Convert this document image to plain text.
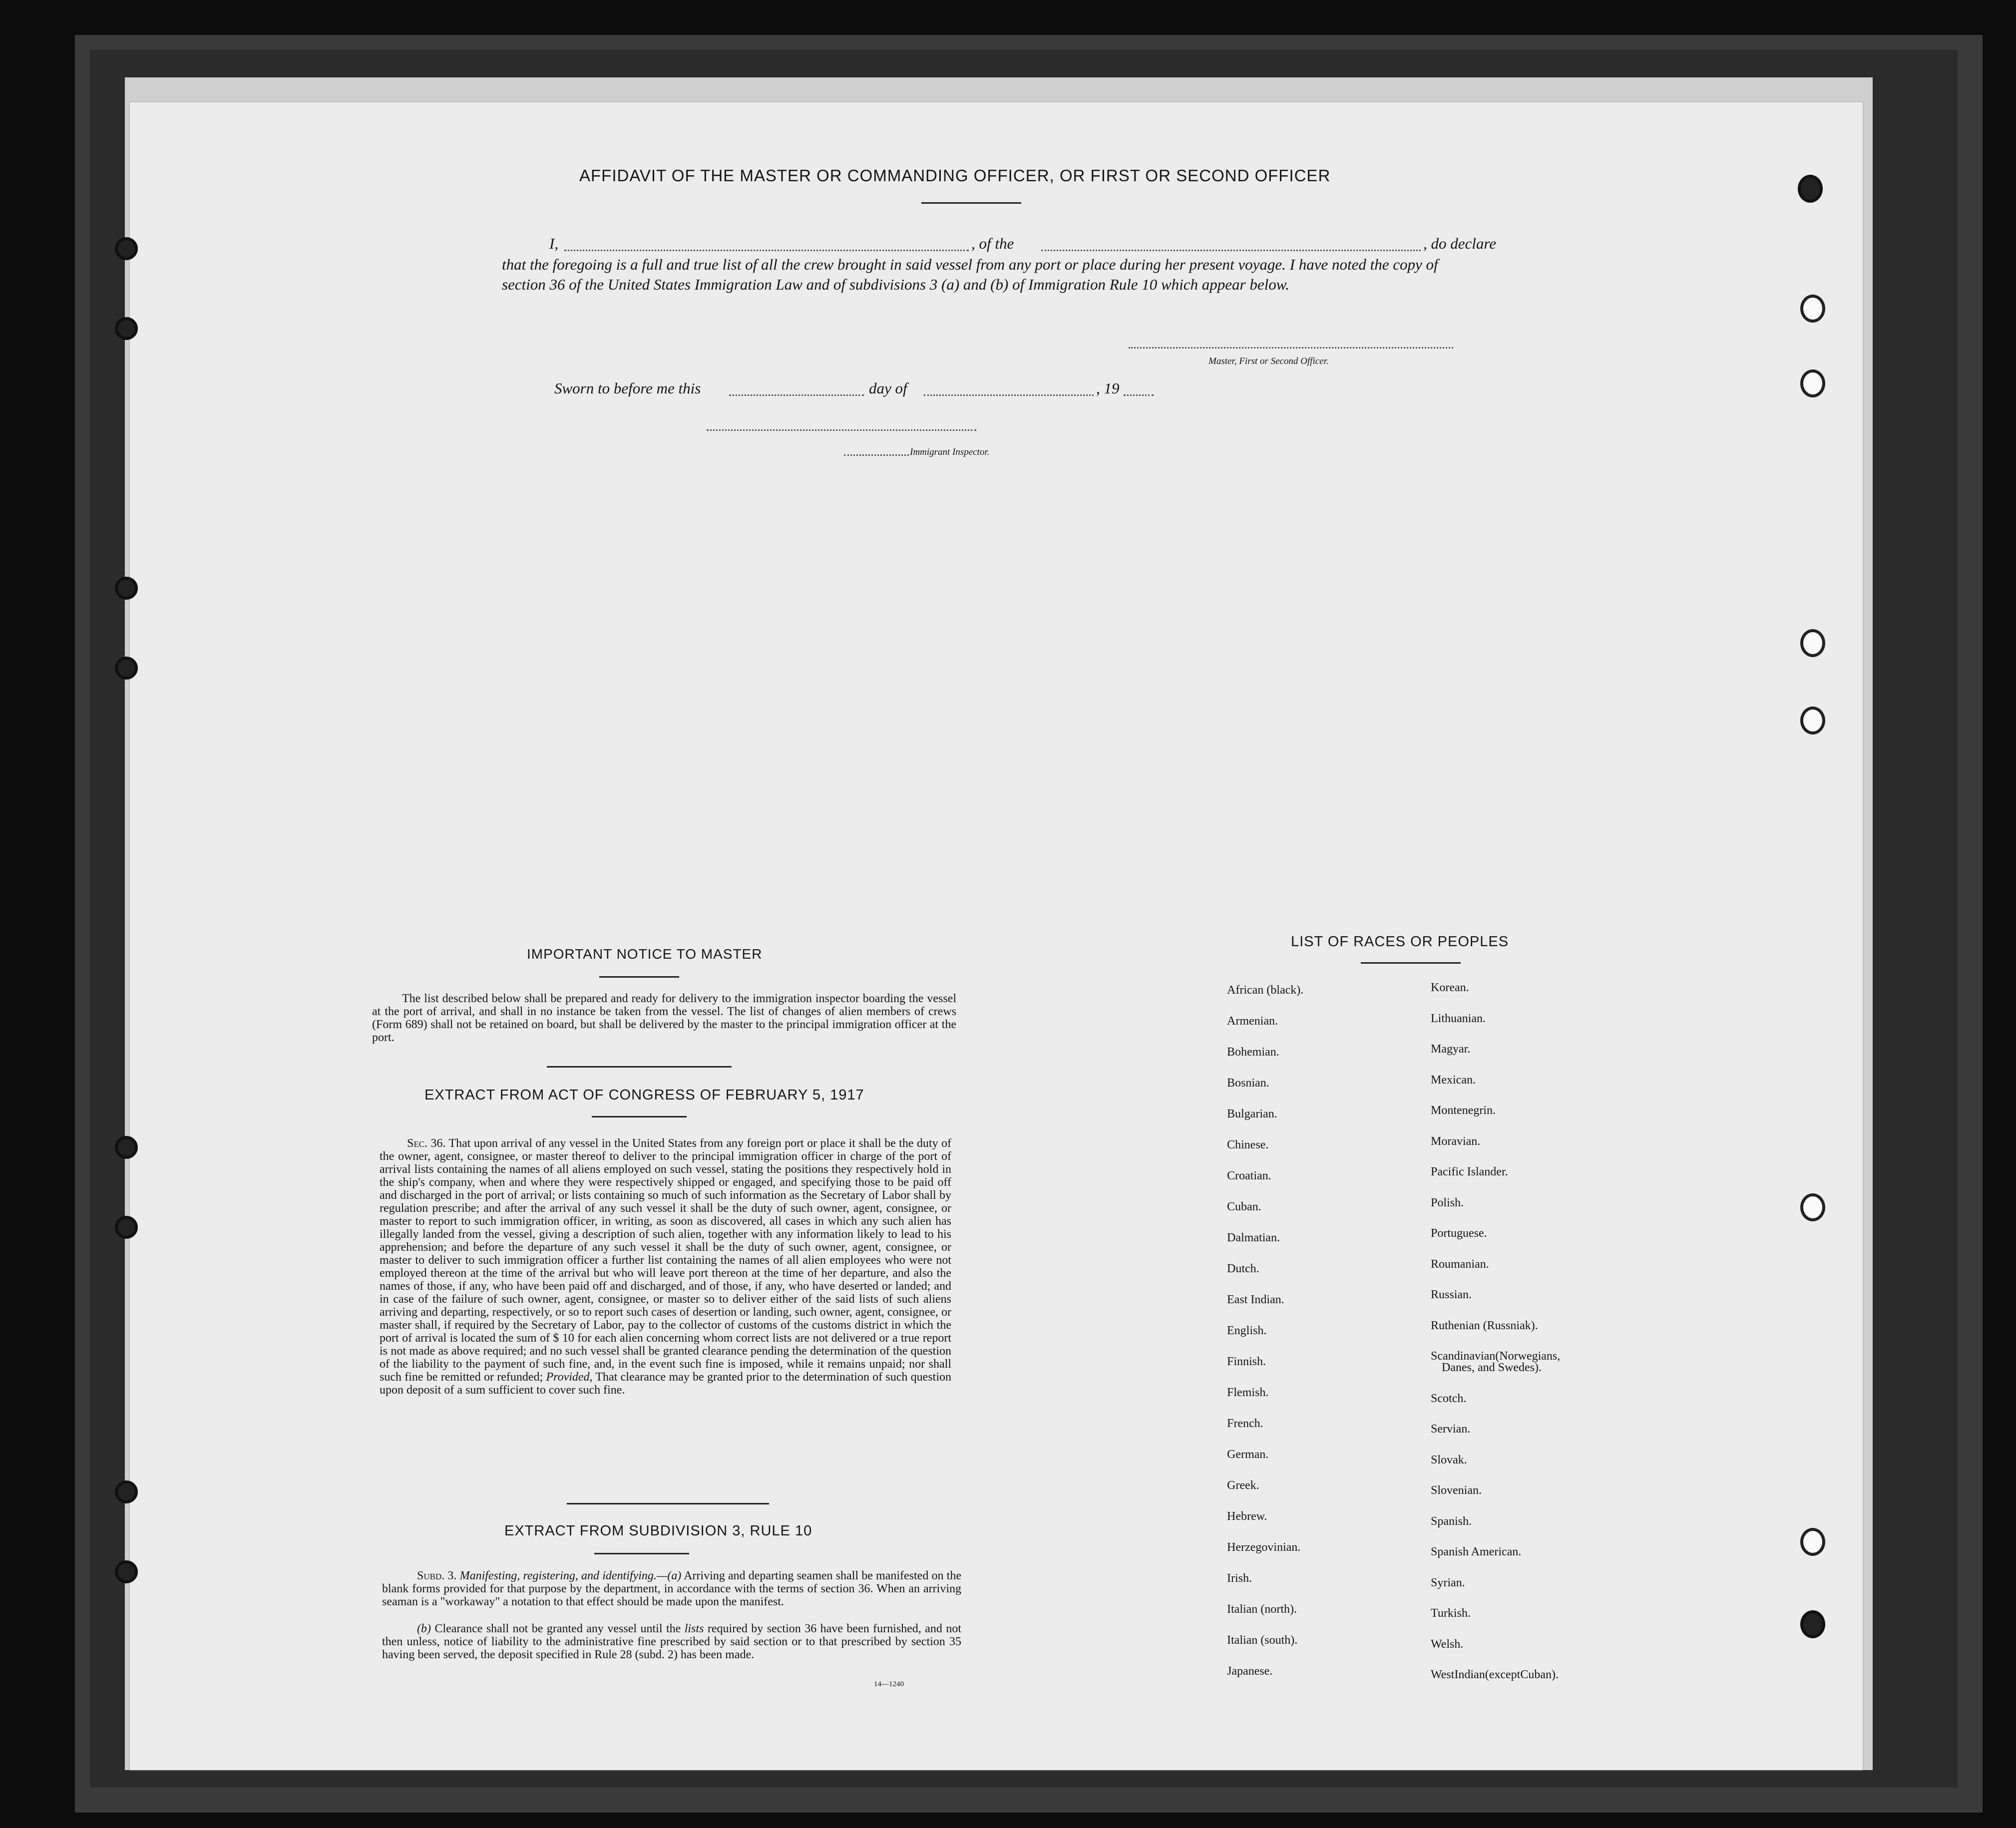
AFFIDAVIT OF THE MASTER OR COMMANDING OFFICER, OR FIRST OR SECOND OFFICER
I,	, of the	, do declare
that the foregoing is a full and true list of all the crew brought in said vessel from any port or place during her present voyage. I have noted the copy of section 36 of the United States Immigration Law and of subdivisions 3 (a) and (b) of Immigration Rule 10 which appear below.
Master, First or Second Officer.
Sworn to before me this	day of	, 19
Immigrant Inspector.
IMPORTANT NOTICE TO MASTER
The list described below shall be prepared and ready for delivery to the immigration inspector boarding the vessel at the port of arrival, and shall in no instance be taken from the vessel. The list of changes of alien members of crews (Form 689) shall not be retained on board, but shall be delivered by the master to the principal immigration officer at the port.
EXTRACT FROM ACT OF CONGRESS OF FEBRUARY 5, 1917
Sec. 36. That upon arrival of any vessel in the United States from any foreign port or place it shall be the duty of the owner, agent, consignee, or master thereof to deliver to the principal immigration officer in charge of the port of arrival lists containing the names of all aliens employed on such vessel, stating the positions they respectively hold in the ship's company, when and where they were respectively shipped or engaged, and specifying those to be paid off and discharged in the port of arrival; or lists containing so much of such information as the Secretary of Labor shall by regulation prescribe; and after the arrival of any such vessel it shall be the duty of such owner, agent, consignee, or master to report to such immigration officer, in writing, as soon as discovered, all cases in which any such alien has illegally landed from the vessel, giving a description of such alien, together with any information likely to lead to his apprehension; and before the departure of any such vessel it shall be the duty of such owner, agent, consignee, or master to deliver to such immigration officer a further list containing the names of all alien employees who were not employed thereon at the time of the arrival but who will leave port thereon at the time of her departure, and also the names of those, if any, who have been paid off and discharged, and of those, if any, who have deserted or landed; and in case of the failure of such owner, agent, consignee, or master so to deliver either of the said lists of such aliens arriving and departing, respectively, or so to report such cases of desertion or landing, such owner, agent, consignee, or master shall, if required by the Secretary of Labor, pay to the collector of customs of the customs district in which the port of arrival is located the sum of $ 10 for each alien concerning whom correct lists are not delivered or a true report is not made as above required; and no such vessel shall be granted clearance pending the determination of the question of the liability to the payment of such fine, and, in the event such fine is imposed, while it remains unpaid; nor shall such fine be remitted or refunded; Provided, That clearance may be granted prior to the determination of such question upon deposit of a sum sufficient to cover such fine.
EXTRACT FROM SUBDIVISION 3, RULE 10
Subd. 3. Manifesting, registering, and identifying.—(a) Arriving and departing seamen shall be manifested on the blank forms provided for that purpose by the department, in accordance with the terms of section 36. When an arriving seaman is a "workaway" a notation to that effect should be made upon the manifest.
(b) Clearance shall not be granted any vessel until the lists required by section 36 have been furnished, and not then unless, notice of liability to the administrative fine prescribed by said section or to that prescribed by section 35 having been served, the deposit specified in Rule 28 (subd. 2) has been made.
14—1240
LIST OF RACES OR PEOPLES
African (black).
Armenian.
Bohemian.
Bosnian.
Bulgarian.
Chinese.
Croatian.
Cuban.
Dalmatian.
Dutch.
East Indian.
English.
Finnish.
Flemish.
French.
German.
Greek.
Hebrew.
Herzegovinian.
Irish.
Italian (north).
Italian (south).
Japanese.
Korean.
Lithuanian.
Magyar.
Mexican.
Montenegrin.
Moravian.
Pacific Islander.
Polish.
Portuguese.
Roumanian.
Russian.
Ruthenian (Russniak).
Scandinavian(Norwegians,
Danes, and Swedes).
Scotch.
Servian.
Slovak.
Slovenian.
Spanish.
Spanish American.
Syrian.
Turkish.
Welsh.
WestIndian(exceptCuban).
